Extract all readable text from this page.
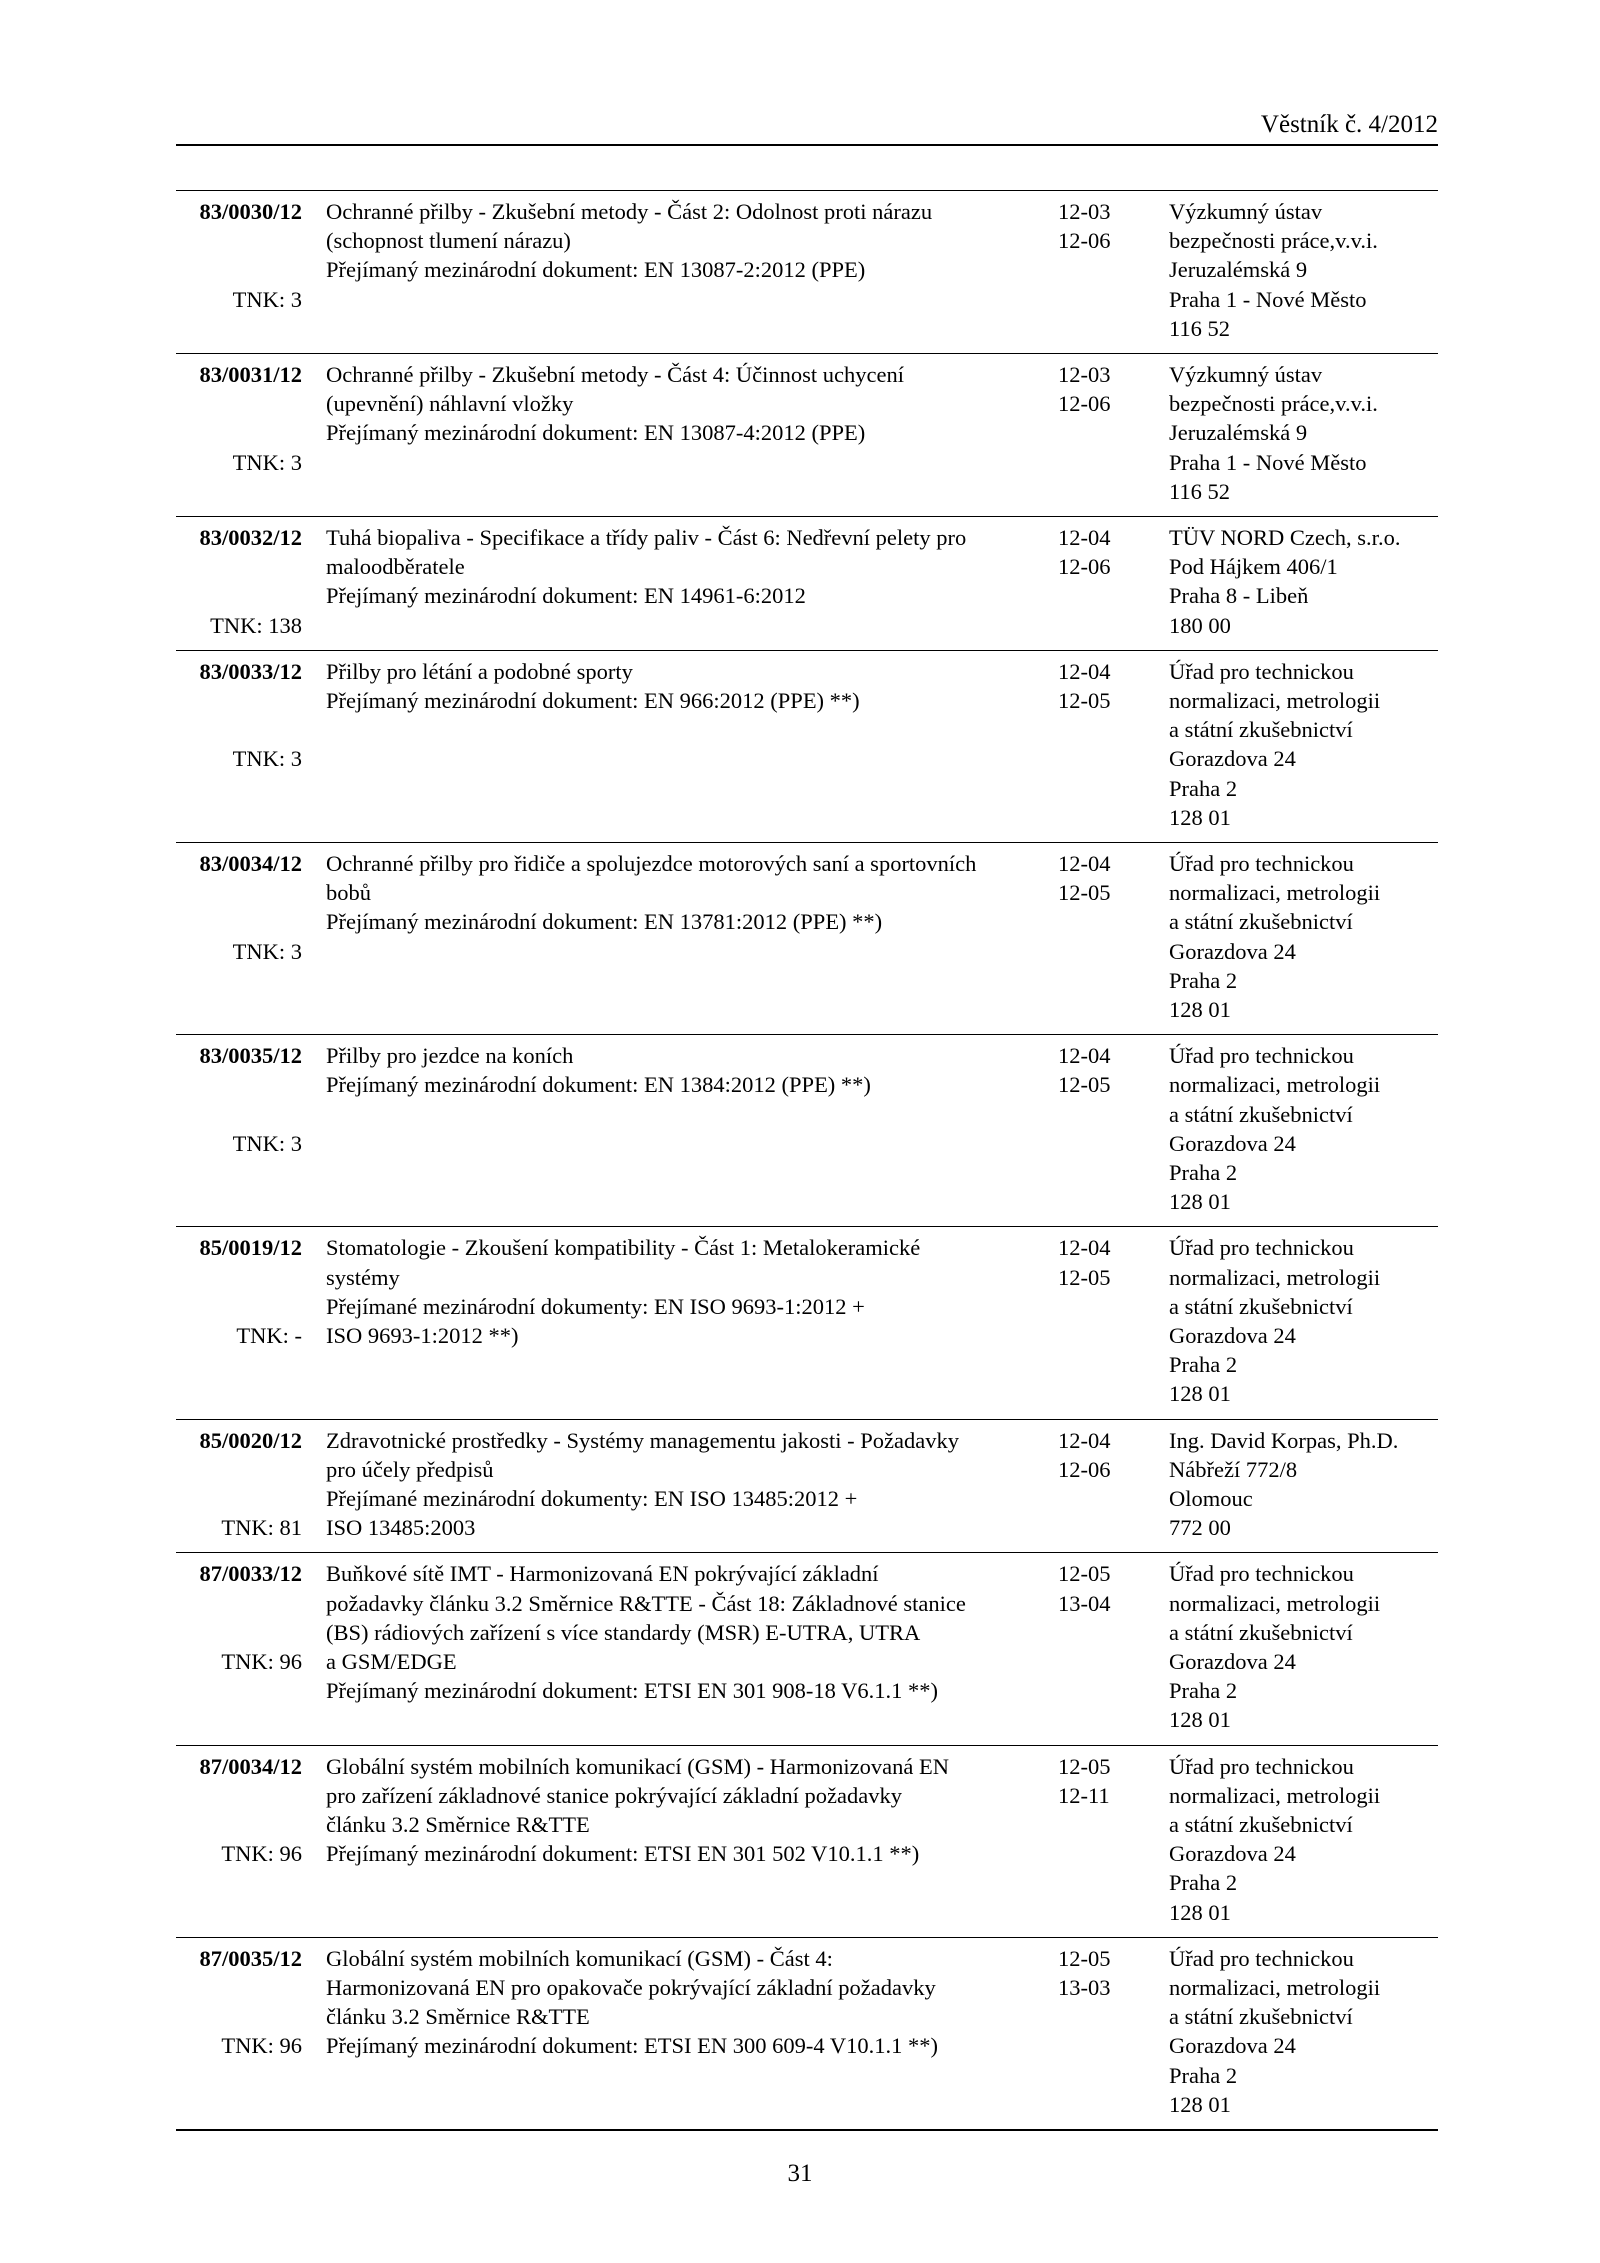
Věstník č. 4/2012
83/0030/12
TNK: 3
Ochranné přilby - Zkušební metody - Část 2: Odolnost proti nárazu
(schopnost tlumení nárazu)
Přejímaný mezinárodní dokument: EN 13087-2:2012 (PPE)
12-03
12-06
Výzkumný ústav
bezpečnosti práce,v.v.i.
Jeruzalémská 9
Praha 1 - Nové Město
116 52
83/0031/12
TNK: 3
Ochranné přilby - Zkušební metody - Část 4: Účinnost uchycení
(upevnění) náhlavní vložky
Přejímaný mezinárodní dokument: EN 13087-4:2012 (PPE)
12-03
12-06
Výzkumný ústav
bezpečnosti práce,v.v.i.
Jeruzalémská 9
Praha 1 - Nové Město
116 52
83/0032/12
TNK: 138
Tuhá biopaliva - Specifikace a třídy paliv - Část 6: Nedřevní pelety pro
maloodběratele
Přejímaný mezinárodní dokument: EN 14961-6:2012
12-04
12-06
TÜV NORD Czech, s.r.o.
Pod Hájkem 406/1
Praha 8 - Libeň
180 00
83/0033/12
TNK: 3
Přilby pro létání a podobné sporty
Přejímaný mezinárodní dokument: EN 966:2012 (PPE) **)
12-04
12-05
Úřad pro technickou
normalizaci, metrologii
a státní zkušebnictví
Gorazdova 24
Praha 2
128 01
83/0034/12
TNK: 3
Ochranné přilby pro řidiče a spolujezdce motorových saní a sportovních
bobů
Přejímaný mezinárodní dokument: EN 13781:2012 (PPE) **)
12-04
12-05
Úřad pro technickou
normalizaci, metrologii
a státní zkušebnictví
Gorazdova 24
Praha 2
128 01
83/0035/12
TNK: 3
Přilby pro jezdce na koních
Přejímaný mezinárodní dokument: EN 1384:2012 (PPE) **)
12-04
12-05
Úřad pro technickou
normalizaci, metrologii
a státní zkušebnictví
Gorazdova 24
Praha 2
128 01
85/0019/12
TNK: -
Stomatologie - Zkoušení kompatibility - Část 1: Metalokeramické
systémy
Přejímané mezinárodní dokumenty: EN ISO 9693-1:2012 +
ISO 9693-1:2012 **)
12-04
12-05
Úřad pro technickou
normalizaci, metrologii
a státní zkušebnictví
Gorazdova 24
Praha 2
128 01
85/0020/12
TNK: 81
Zdravotnické prostředky - Systémy managementu jakosti - Požadavky
pro účely předpisů
Přejímané mezinárodní dokumenty: EN ISO 13485:2012 +
ISO 13485:2003
12-04
12-06
Ing. David Korpas, Ph.D.
Nábřeží 772/8
Olomouc
772 00
87/0033/12
TNK: 96
Buňkové sítě IMT - Harmonizovaná EN pokrývající základní
požadavky článku 3.2 Směrnice R&TTE - Část 18: Základnové stanice
(BS) rádiových zařízení s více standardy (MSR) E-UTRA, UTRA
a GSM/EDGE
Přejímaný mezinárodní dokument: ETSI EN 301 908-18 V6.1.1 **)
12-05
13-04
Úřad pro technickou
normalizaci, metrologii
a státní zkušebnictví
Gorazdova 24
Praha 2
128 01
87/0034/12
TNK: 96
Globální systém mobilních komunikací (GSM) - Harmonizovaná EN
pro zařízení základnové stanice pokrývající základní požadavky
článku 3.2 Směrnice R&TTE
Přejímaný mezinárodní dokument: ETSI EN 301 502 V10.1.1 **)
12-05
12-11
Úřad pro technickou
normalizaci, metrologii
a státní zkušebnictví
Gorazdova 24
Praha 2
128 01
87/0035/12
TNK: 96
Globální systém mobilních komunikací (GSM) - Část 4:
Harmonizovaná EN pro opakovače pokrývající základní požadavky
článku 3.2 Směrnice R&TTE
Přejímaný mezinárodní dokument: ETSI EN 300 609-4 V10.1.1 **)
12-05
13-03
Úřad pro technickou
normalizaci, metrologii
a státní zkušebnictví
Gorazdova 24
Praha 2
128 01
31
